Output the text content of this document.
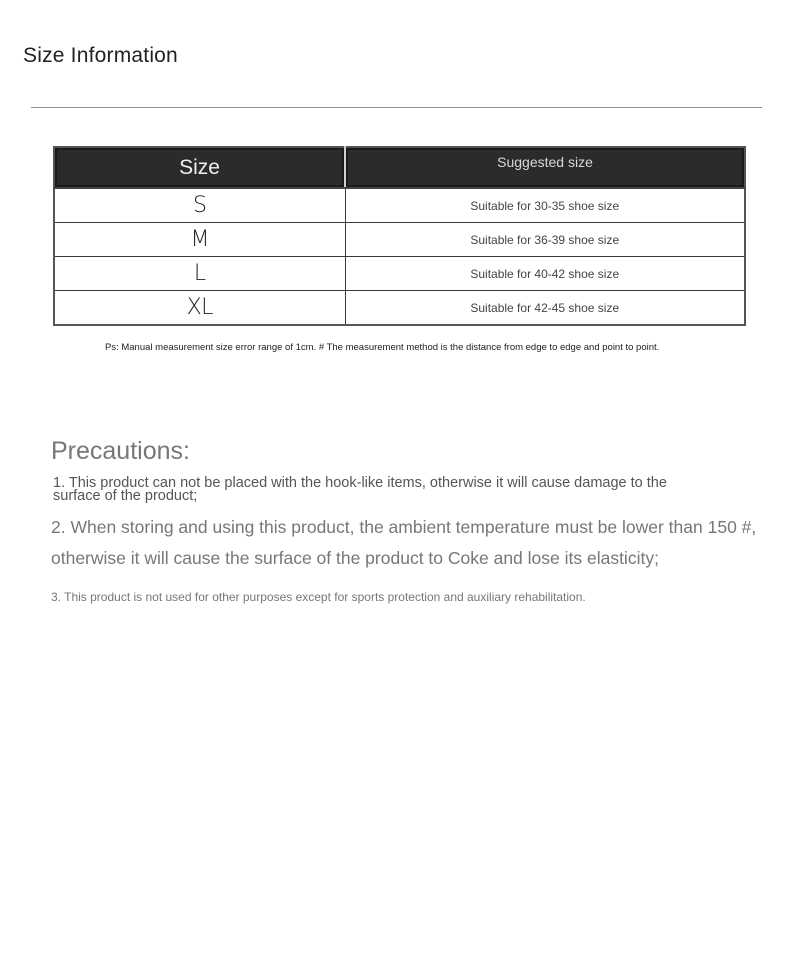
Size Information
Size	Suggested size
S	Suitable for 30-35 shoe size
M	Suitable for 36-39 shoe size
L	Suitable for 40-42 shoe size
XL	Suitable for 42-45 shoe size
Ps: Manual measurement size error range of 1cm. # The measurement method is the distance from edge to edge and point to point.
Precautions:
1. This product can not be placed with the hook-like items, otherwise it will cause damage to the surface of the product;
2. When storing and using this product, the ambient temperature must be lower than 150 #, otherwise it will cause the surface of the product to Coke and lose its elasticity;
3. This product is not used for other purposes except for sports protection and auxiliary rehabilitation.
